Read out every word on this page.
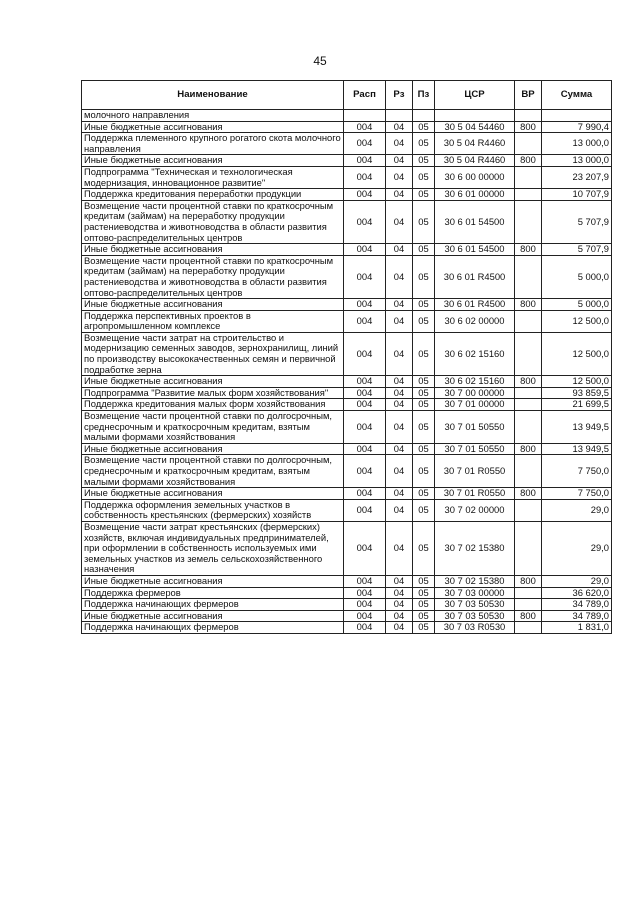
45
Наименование	Расп	Рз	Пз	ЦСР	ВР	Сумма
молочного направления						
Иные бюджетные ассигнования	004	04	05	30 5 04 54460	800	7 990,4
Поддержка племенного крупного рогатого скота молочного направления	004	04	05	30 5 04 R4460		13 000,0
Иные бюджетные ассигнования	004	04	05	30 5 04 R4460	800	13 000,0
Подпрограмма "Техническая и технологическая модернизация, инновационное развитие"	004	04	05	30 6 00 00000		23 207,9
Поддержка кредитования переработки продукции	004	04	05	30 6 01 00000		10 707,9
Возмещение части процентной ставки по краткосрочным кредитам (займам) на переработку продукции растениеводства и животноводства в области развития оптово-распределительных центров	004	04	05	30 6 01 54500		5 707,9
Иные бюджетные ассигнования	004	04	05	30 6 01 54500	800	5 707,9
Возмещение части процентной ставки по краткосрочным кредитам (займам) на переработку продукции растениеводства и животноводства в области развития оптово-распределительных центров	004	04	05	30 6 01 R4500		5 000,0
Иные бюджетные ассигнования	004	04	05	30 6 01 R4500	800	5 000,0
Поддержка перспективных проектов в агропромышленном комплексе	004	04	05	30 6 02 00000		12 500,0
Возмещение части затрат на строительство и модернизацию семенных заводов, зернохранилищ, линий по производству высококачественных семян и первичной подработке зерна	004	04	05	30 6 02 15160		12 500,0
Иные бюджетные ассигнования	004	04	05	30 6 02 15160	800	12 500,0
Подпрограмма "Развитие малых форм хозяйствования"	004	04	05	30 7 00 00000		93 859,5
Поддержка кредитования малых форм хозяйствования	004	04	05	30 7 01 00000		21 699,5
Возмещение части процентной ставки по долгосрочным, среднесрочным и краткосрочным кредитам, взятым малыми формами хозяйствования	004	04	05	30 7 01 50550		13 949,5
Иные бюджетные ассигнования	004	04	05	30 7 01 50550	800	13 949,5
Возмещение части процентной ставки по долгосрочным, среднесрочным и краткосрочным кредитам, взятым малыми формами хозяйствования	004	04	05	30 7 01 R0550		7 750,0
Иные бюджетные ассигнования	004	04	05	30 7 01 R0550	800	7 750,0
Поддержка оформления земельных участков в собственность крестьянских (фермерских) хозяйств	004	04	05	30 7 02 00000		29,0
Возмещение части затрат крестьянских (фермерских) хозяйств, включая индивидуальных предпринимателей, при оформлении в собственность используемых ими земельных участков из земель сельскохозяйственного назначения	004	04	05	30 7 02 15380		29,0
Иные бюджетные ассигнования	004	04	05	30 7 02 15380	800	29,0
Поддержка фермеров	004	04	05	30 7 03 00000		36 620,0
Поддержка начинающих фермеров	004	04	05	30 7 03 50530		34 789,0
Иные бюджетные ассигнования	004	04	05	30 7 03 50530	800	34 789,0
Поддержка начинающих фермеров	004	04	05	30 7 03 R0530		1 831,0
